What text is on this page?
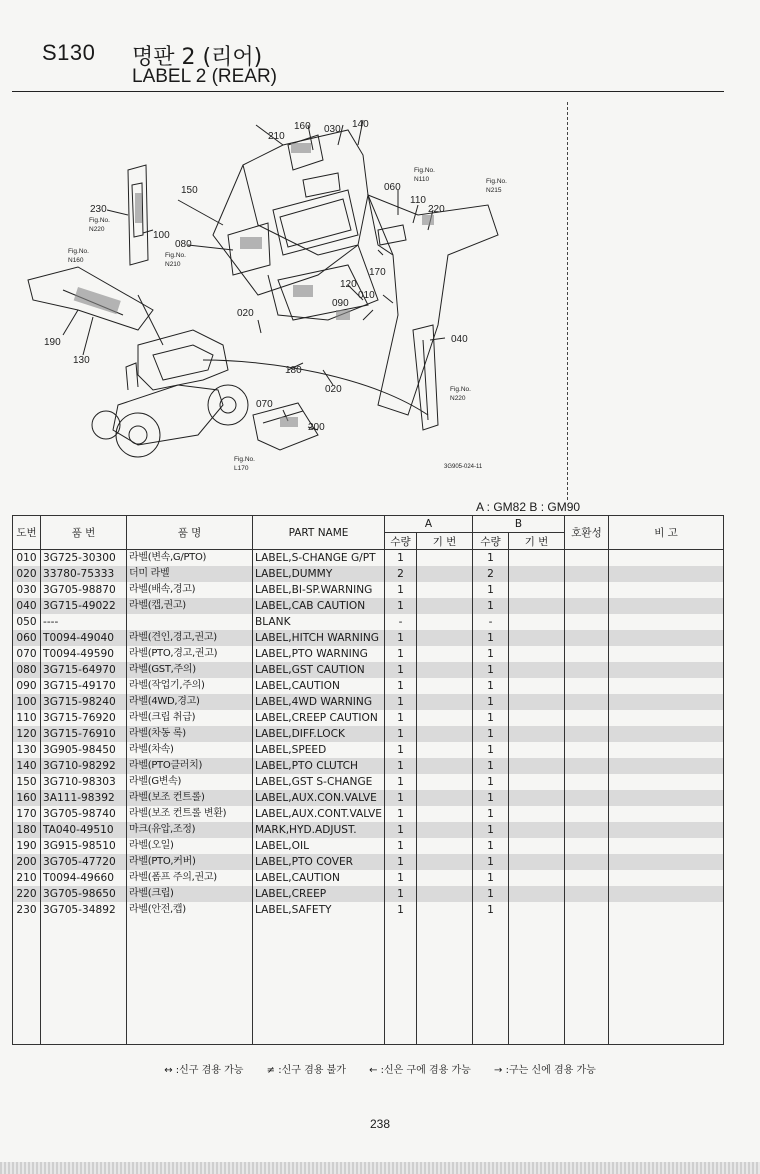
S130 명판 2 (리어)
LABEL 2 (REAR)
210
160 030 140
150
230
100
080
060
110
220
120
010
090
170
020
040
190
130
180
020
070
200
Fig.No.
N220
Fig.No.
N160
Fig.No.
N210
Fig.No.
N110	Fig.No.
N215
Fig.No.
N220
Fig.No.
L170	3G905-024-11
A : GM82 B : GM90
도번	품 번	품 명	PART NAME	A		B		호환성	비 고
				수량	기 번	수량	기 번		
010	3G725-30300	라벨(변속,G/PTO)	LABEL,S-CHANGE G/PT	1		1			
020	33780-75333	더미 라벨	LABEL,DUMMY	2		2			
030	3G705-98870	라벨(배속,경고)	LABEL,BI-SP.WARNING	1		1			
040	3G715-49022	라벨(캡,권고)	LABEL,CAB CAUTION	1		1			
050	----		BLANK	-		-			
060	T0094-49040	라벨(견인,경고,권고)	LABEL,HITCH WARNING	1		1			
070	T0094-49590	라벨(PTO,경고,권고)	LABEL,PTO WARNING	1		1			
080	3G715-64970	라벨(GST,주의)	LABEL,GST CAUTION	1		1			
090	3G715-49170	라벨(작업기,주의)	LABEL,CAUTION	1		1			
100	3G715-98240	라벨(4WD,경고)	LABEL,4WD WARNING	1		1			
110	3G715-76920	라벨(크립 취급)	LABEL,CREEP CAUTION	1		1			
120	3G715-76910	라벨(차동 록)	LABEL,DIFF.LOCK	1		1			
130	3G905-98450	라벨(차속)	LABEL,SPEED	1		1			
140	3G710-98292	라벨(PTO클러치)	LABEL,PTO CLUTCH	1		1			
150	3G710-98303	라벨(G변속)	LABEL,GST S-CHANGE	1		1			
160	3A111-98392	라벨(보조 컨트롤)	LABEL,AUX.CON.VALVE	1		1			
170	3G705-98740	라벨(보조 컨트롤 변환)	LABEL,AUX.CONT.VALVE	1		1			
180	TA040-49510	마크(유압,조정)	MARK,HYD.ADJUST.	1		1			
190	3G915-98510	라벨(오일)	LABEL,OIL	1		1			
200	3G705-47720	라벨(PTO,커버)	LABEL,PTO COVER	1		1			
210	T0094-49660	라벨(폼프 주의,권고)	LABEL,CAUTION	1		1			
220	3G705-98650	라벨(크립)	LABEL,CREEP	1		1			
230	3G705-34892	라벨(안전,캡)	LABEL,SAFETY	1		1			

↔ :신구 겸용 가능 ≠ :신구 겸용 불가 ← :신은 구에 겸용 가능 → :구는 신에 겸용 가능
238
